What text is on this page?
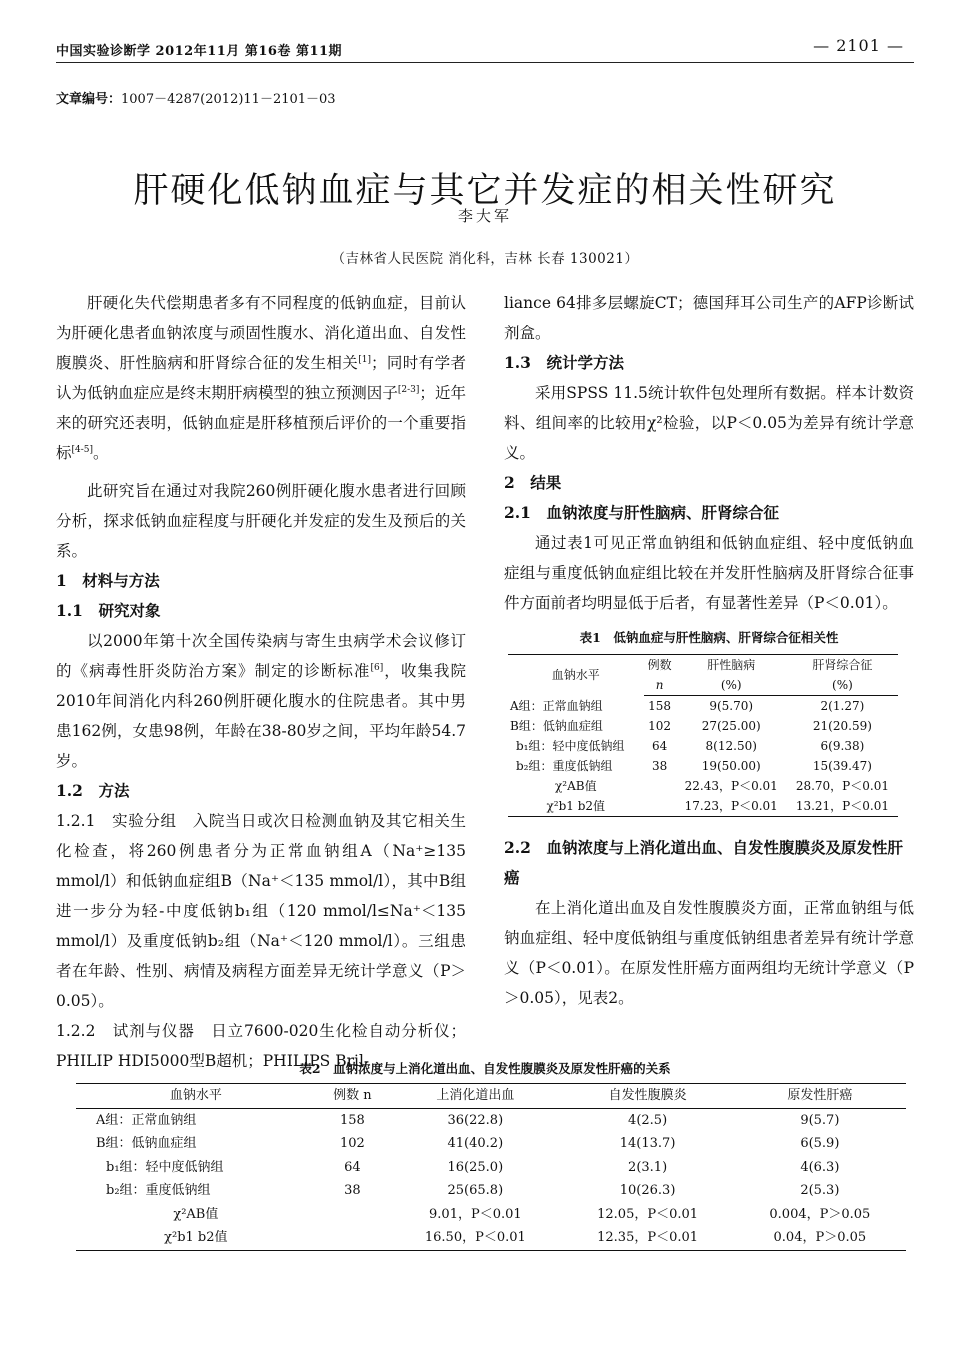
中国实验诊断学 2012年11月 第16卷 第11期	— 2101 —
文章编号：1007－4287(2012)11－2101－03
肝硬化低钠血症与其它并发症的相关性研究
李大军
（吉林省人民医院 消化科，吉林 长春 130021）

肝硬化失代偿期患者多有不同程度的低钠血症，目前认为肝硬化患者血钠浓度与顽固性腹水、消化道出血、自发性腹膜炎、肝性脑病和肝肾综合征的发生相关[1]；同时有学者认为低钠血症应是终末期肝病模型的独立预测因子[2-3]；近年来的研究还表明，低钠血症是肝移植预后评价的一个重要指标[4-5]。

此研究旨在通过对我院260例肝硬化腹水患者进行回顾分析，探求低钠血症程度与肝硬化并发症的发生及预后的关系。

1　材料与方法

1.1　研究对象

以2000年第十次全国传染病与寄生虫病学术会议修订的《病毒性肝炎防治方案》制定的诊断标准[6]，收集我院2010年间消化内科260例肝硬化腹水的住院患者。其中男患162例，女患98例，年龄在38-80岁之间，平均年龄54.7岁。

1.2　方法

1.2.1　实验分组　入院当日或次日检测血钠及其它相关生化检查，将260例患者分为正常血钠组A（Na⁺≥135 mmol/l）和低钠血症组B（Na⁺＜135 mmol/l），其中B组进一步分为轻-中度低钠b₁组（120 mmol/l≤Na⁺＜135 mmol/l）及重度低钠b₂组（Na⁺＜120 mmol/l）。三组患者在年龄、性别、病情及病程方面差异无统计学意义（P＞0.05）。

1.2.2　试剂与仪器　日立7600-020生化检自动分析仪；PHILIP HDI5000型B超机；PHILIPS Bril-

liance 64排多层螺旋CT；德国拜耳公司生产的AFP诊断试剂盒。

1.3　统计学方法

采用SPSS 11.5统计软件包处理所有数据。样本计数资料、组间率的比较用χ²检验，以P＜0.05为差异有统计学意义。

2　结果

2.1　血钠浓度与肝性脑病、肝肾综合征

通过表1可见正常血钠组和低钠血症组、轻中度低钠血症组与重度低钠血症组比较在并发肝性脑病及肝肾综合征事件方面前者均明显低于后者，有显著性差异（P＜0.01）。

表1　低钠血症与肝性脑病、肝肾综合征相关性
血钠水平	例数	肝性脑病	肝肾综合征
	n	(%)	(%)
A组：正常血钠组	158	9(5.70)	2(1.27)
B组：低钠血症组	102	27(25.00)	21(20.59)
b₁组：轻中度低钠组	64	8(12.50)	6(9.38)
b₂组：重度低钠组	38	19(50.00)	15(39.47)
χ²AB值		22.43，P＜0.01	28.70，P＜0.01
χ²b1 b2值		17.23，P＜0.01	13.21，P＜0.01

2.2　血钠浓度与上消化道出血、自发性腹膜炎及原发性肝癌

在上消化道出血及自发性腹膜炎方面，正常血钠组与低钠血症组、轻中度低钠组与重度低钠组患者差异有统计学意义（P＜0.01）。在原发性肝癌方面两组均无统计学意义（P＞0.05），见表2。

表2　血钠浓度与上消化道出血、自发性腹膜炎及原发性肝癌的关系
血钠水平	例数 n	上消化道出血	自发性腹膜炎	原发性肝癌
A组：正常血钠组	158	36(22.8)	4(2.5)	9(5.7)
B组：低钠血症组	102	41(40.2)	14(13.7)	6(5.9)
b₁组：轻中度低钠组	64	16(25.0)	2(3.1)	4(6.3)
b₂组：重度低钠组	38	25(65.8)	10(26.3)	2(5.3)
χ²AB值		9.01，P＜0.01	12.05，P＜0.01	0.004，P＞0.05
χ²b1 b2值		16.50，P＜0.01	12.35，P＜0.01	0.04，P＞0.05
